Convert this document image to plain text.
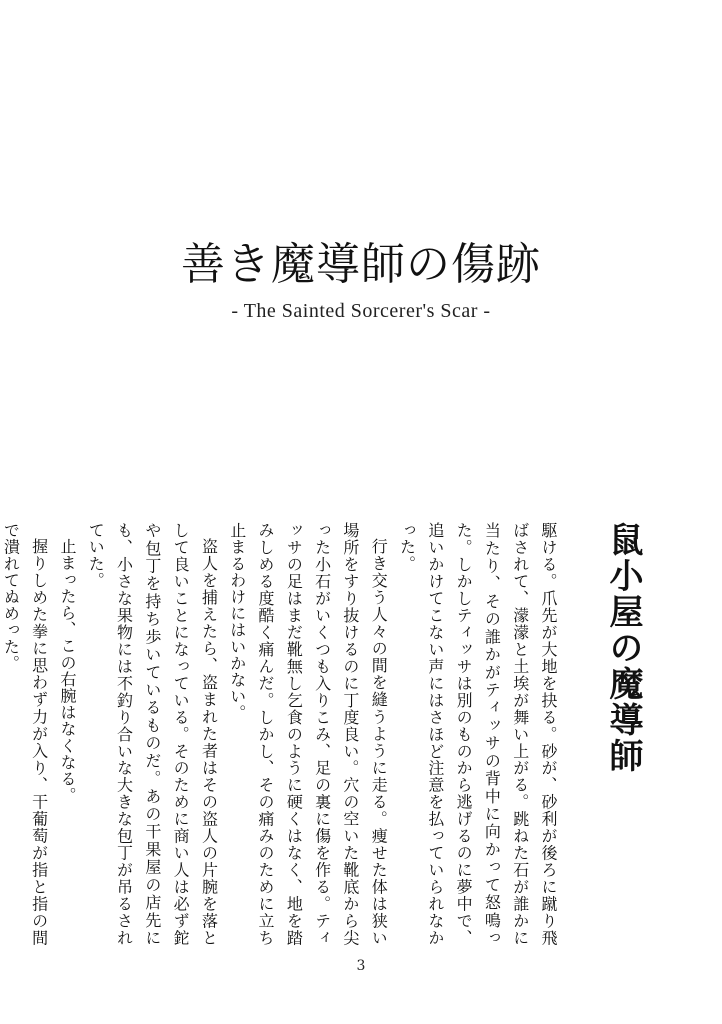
善き魔導師の傷跡
- The Sainted Sorcerer's Scar -
鼠小屋の魔導師

駆ける。爪先が大地を抉る。砂が、砂利が後ろに蹴り飛ばされて、濛濛と土埃が舞い上がる。跳ねた石が誰かに当たり、その誰かがティッサの背中に向かって怒鳴った。しかしティッサは別のものから逃げるのに夢中で、追いかけてこない声にはさほど注意を払っていられなかった。

行き交う人々の間を縫うように走る。痩せた体は狭い場所をすり抜けるのに丁度良い。穴の空いた靴底から尖った小石がいくつも入りこみ、足の裏に傷を作る。ティッサの足はまだ靴無し乞食のように硬くはなく、地を踏みしめる度酷く痛んだ。しかし、その痛みのために立ち止まるわけにはいかない。

盗人を捕えたら、盗まれた者はその盗人の片腕を落として良いことになっている。そのために商い人は必ず鉈や包丁を持ち歩いているものだ。あの干果屋の店先にも、小さな果物には不釣り合いな大きな包丁が吊るされていた。

止まったら、この右腕はなくなる。

握りしめた拳に思わず力が入り、干葡萄が指と指の間で潰れてぬめった。

3
